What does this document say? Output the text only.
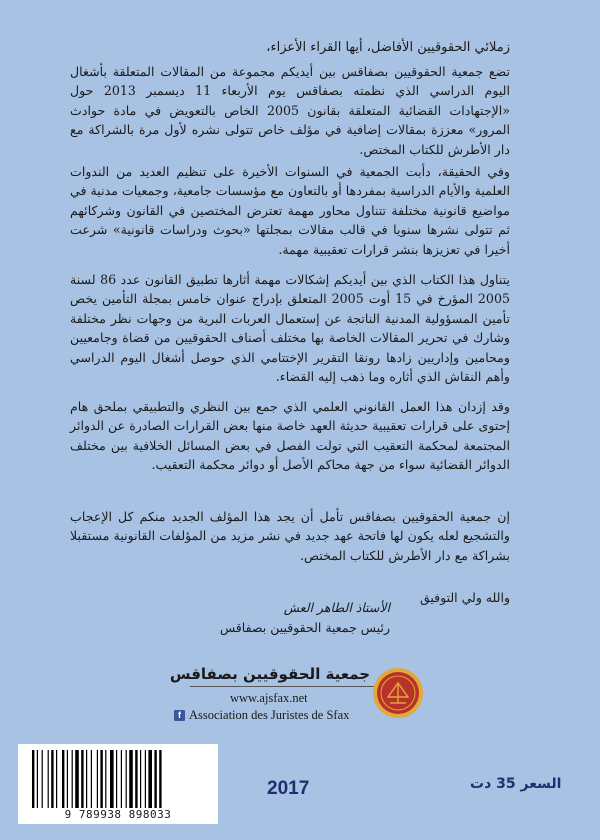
زملائي الحقوقيين الأفاضل، أيها القراء الأعزاء،
تضع جمعية الحقوقيين بصفاقس بين أيديكم مجموعة من المقالات المتعلقة بأشغال اليوم الدراسي الذي نظمته بصفاقس يوم الأربعاء 11 ديسمبر 2013 حول «الإجتهادات القضائية المتعلقة بقانون 2005 الخاص بالتعويض في مادة حوادث المرور» معززة بمقالات إضافية في مؤلف خاص تتولى نشره لأول مرة بالشراكة مع دار الأطرش للكتاب المختص.
وفي الحقيقة، دأبت الجمعية في السنوات الأخيرة على تنظيم العديد من الندوات العلمية والأيام الدراسية بمفردها أو بالتعاون مع مؤسسات جامعية، وجمعيات مدنية في مواضيع قانونية مختلفة تتناول محاور مهمة تعترض المختصين في القانون وشركائهم ثم تتولى نشرها سنويا في قالب مقالات بمجلتها «بحوث ودراسات قانونية» شرعت أخيرا في تعزيزها بنشر قرارات تعقيبية مهمة.
يتناول هذا الكتاب الذي بين أيديكم إشكالات مهمة أثارها تطبيق القانون عدد 86 لسنة 2005 المؤرخ في 15 أوت 2005 المتعلق بإدراج عنوان خامس بمجلة التأمين يخص تأمين المسؤولية المدنية الناتجة عن إستعمال العربات البرية من وجهات نظر مختلفة وشارك في تحرير المقالات الخاصة بها مختلف أصناف الحقوقيين من قضاة وجامعيين ومحامين وإداريين زادها رونقا التقرير الإختتامي الذي حوصل أشغال اليوم الدراسي وأهم النقاش الذي أثاره وما ذهب إليه القضاء.
وقد إزدان هذا العمل القانوني العلمي الذي جمع بين النظري والتطبيقي بملحق هام إحتوى على قرارات تعقيبية حديثة العهد خاصة منها بعض القرارات الصادرة عن الدوائر المجتمعة لمحكمة التعقيب التي تولت الفصل في بعض المسائل الخلافية بين مختلف الدوائر القضائية سواء من جهة محاكم الأصل أو دوائر محكمة التعقيب.
إن جمعية الحقوقيين بصفاقس تأمل أن يجد هذا المؤلف الجديد منكم كل الإعجاب والتشجيع لعله يكون لها فاتحة عهد جديد في نشر مزيد من المؤلفات القانونية مستقبلا بشراكة مع دار الأطرش للكتاب المختص.
والله ولي التوفيق
الأستاذ الطاهر العش
رئيس جمعية الحقوقيين بصفاقس
جمعية الحقوقيين بصفاقس
www.ajsfax.net
f Association des Juristes de Sfax
2017	السعر 35 دت
9 789938 898033
